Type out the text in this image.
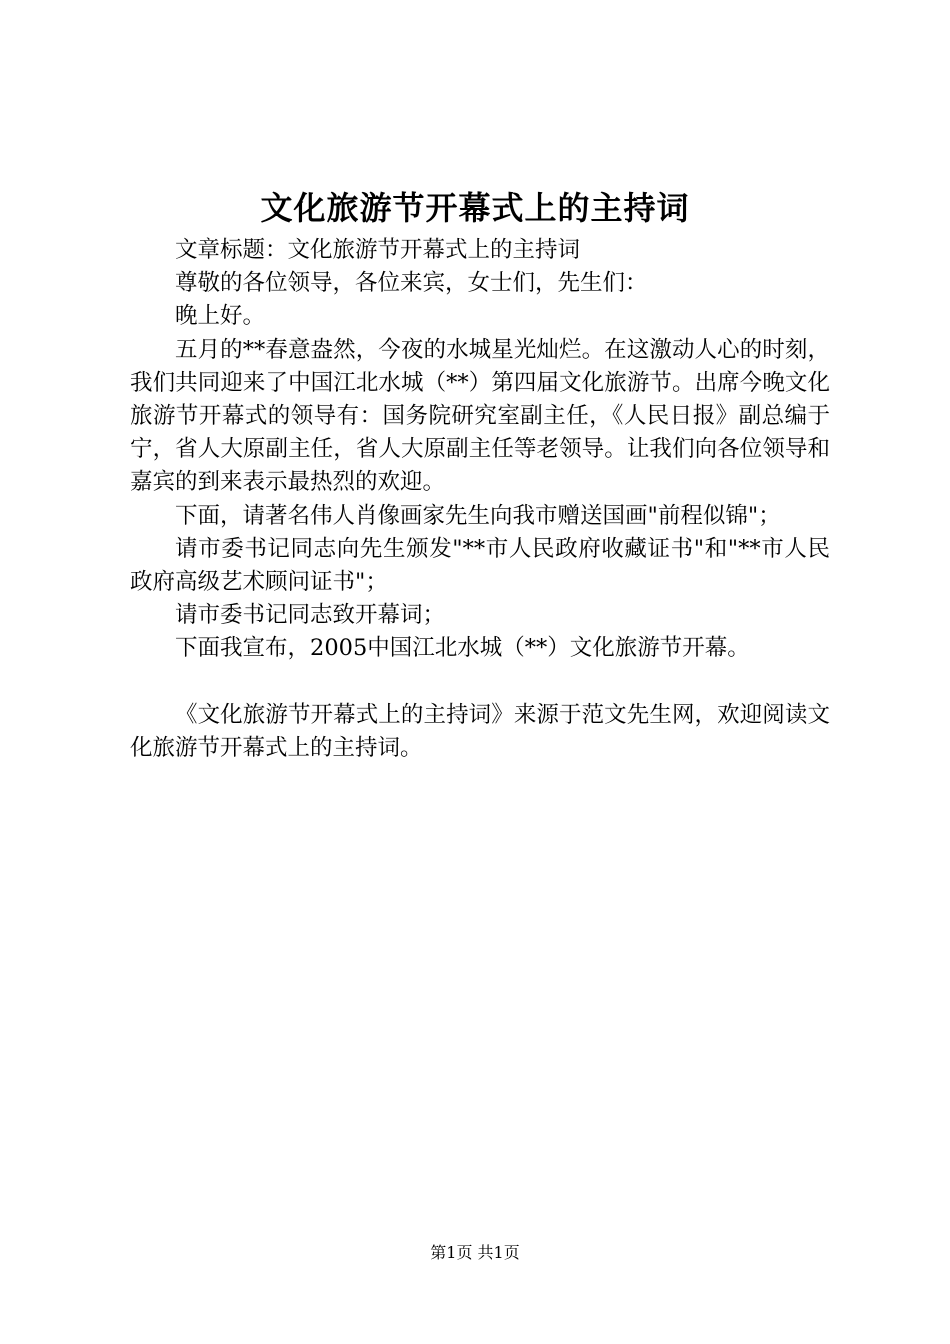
文化旅游节开幕式上的主持词

文章标题：文化旅游节开幕式上的主持词

尊敬的各位领导，各位来宾，女士们，先生们：

晚上好。

五月的**春意盎然，今夜的水城星光灿烂。在这激动人心的时刻，我们共同迎来了中国江北水城（**）第四届文化旅游节。出席今晚文化旅游节开幕式的领导有：国务院研究室副主任，《人民日报》副总编于宁，省人大原副主任，省人大原副主任等老领导。让我们向各位领导和嘉宾的到来表示最热烈的欢迎。

下面，请著名伟人肖像画家先生向我市赠送国画"前程似锦"；

请市委书记同志向先生颁发"**市人民政府收藏证书"和"**市人民政府高级艺术顾问证书"；

请市委书记同志致开幕词；

下面我宣布，2005中国江北水城（**）文化旅游节开幕。

《文化旅游节开幕式上的主持词》来源于范文先生网，欢迎阅读文化旅游节开幕式上的主持词。

第1页 共1页
